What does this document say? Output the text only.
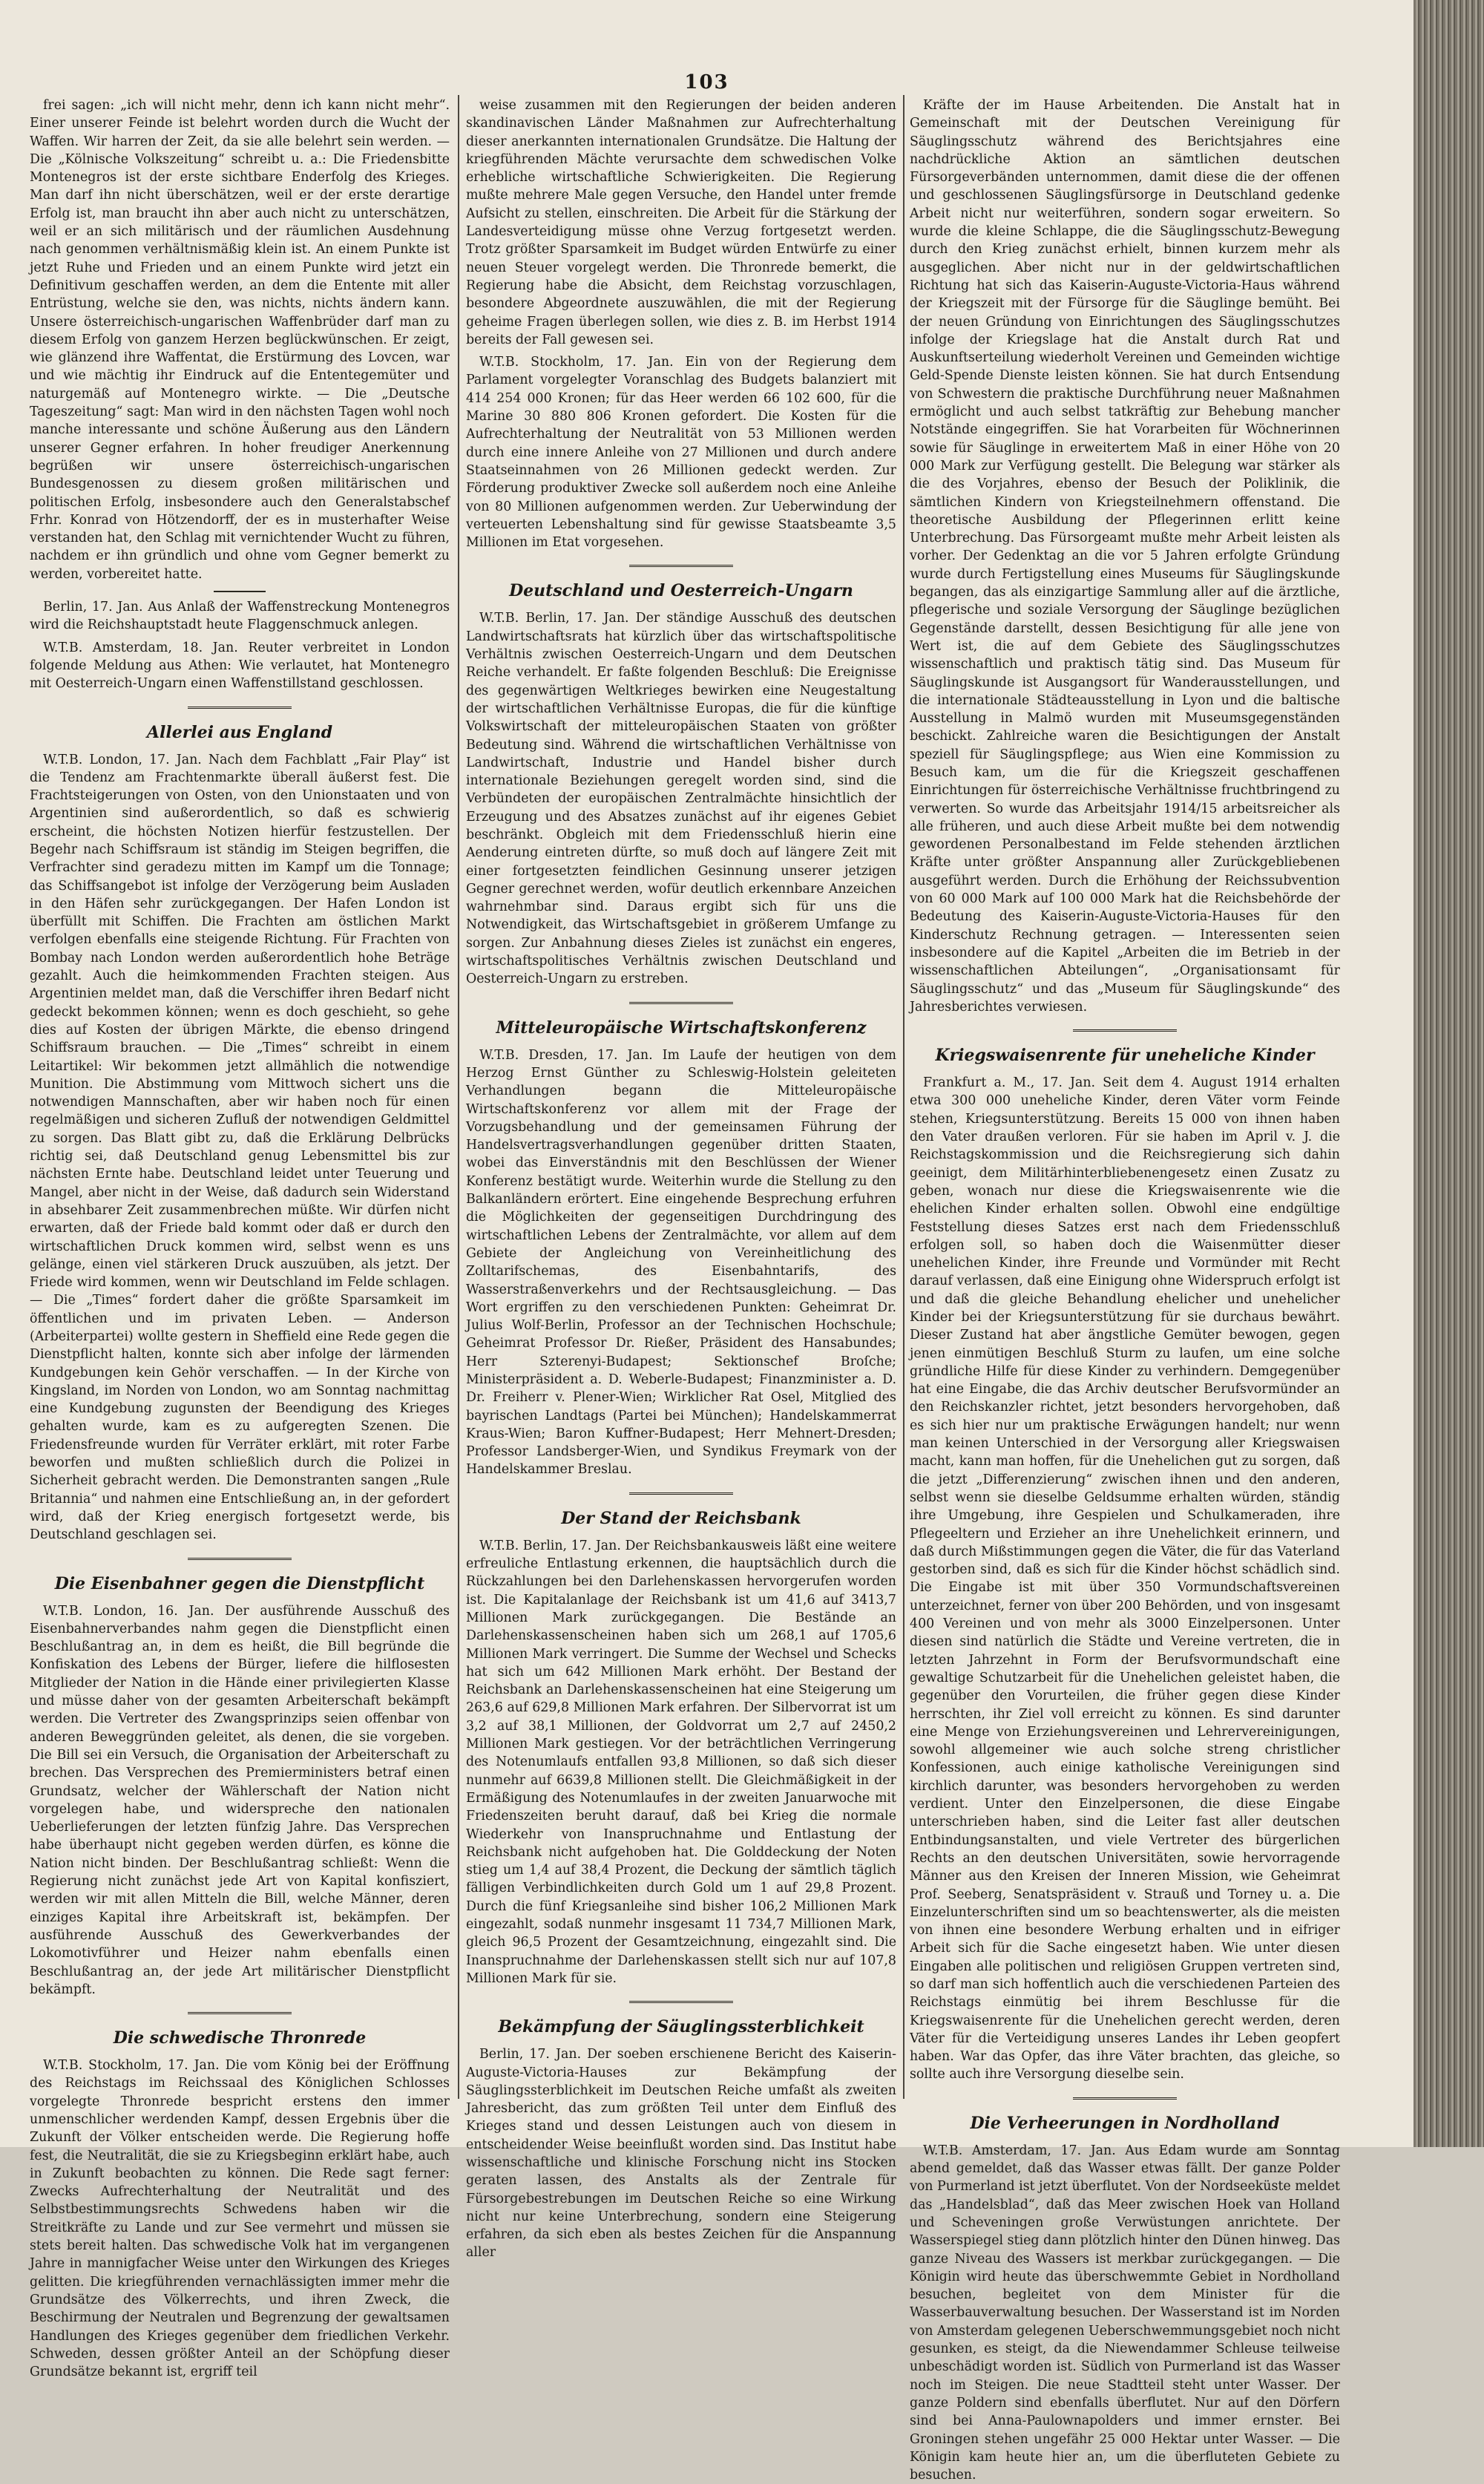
103

frei sagen: „ich will nicht mehr, denn ich kann nicht mehr“. Einer unserer Feinde ist belehrt worden durch die Wucht der Waffen. Wir harren der Zeit, da sie alle belehrt sein werden. — Die „Kölnische Volkszeitung“ schreibt u. a.: Die Friedensbitte Montenegros ist der erste sichtbare Enderfolg des Krieges. Man darf ihn nicht überschätzen, weil er der erste derartige Erfolg ist, man braucht ihn aber auch nicht zu unterschätzen, weil er an sich militärisch und der räumlichen Ausdehnung nach genommen verhältnismäßig klein ist. An einem Punkte ist jetzt Ruhe und Frieden und an einem Punkte wird jetzt ein Definitivum geschaffen werden, an dem die Entente mit aller Entrüstung, welche sie den, was nichts, nichts ändern kann. Unsere österreichisch-ungarischen Waffenbrüder darf man zu diesem Erfolg von ganzem Herzen beglückwünschen. Er zeigt, wie glänzend ihre Waffentat, die Erstürmung des Lovcen, war und wie mächtig ihr Eindruck auf die Ententegemüter und naturgemäß auf Montenegro wirkte. — Die „Deutsche Tageszeitung“ sagt: Man wird in den nächsten Tagen wohl noch manche interessante und schöne Äußerung aus den Ländern unserer Gegner erfahren. In hoher freudiger Anerkennung begrüßen wir unsere österreichisch-ungarischen Bundesgenossen zu diesem großen militärischen und politischen Erfolg, insbesondere auch den Generalstabschef Frhr. Konrad von Hötzendorff, der es in musterhafter Weise verstanden hat, den Schlag mit vernichtender Wucht zu führen, nachdem er ihn gründlich und ohne vom Gegner bemerkt zu werden, vorbereitet hatte.

Berlin, 17. Jan. Aus Anlaß der Waffenstreckung Montenegros wird die Reichshauptstadt heute Flaggenschmuck anlegen.

W.T.B. Amsterdam, 18. Jan. Reuter verbreitet in London folgende Meldung aus Athen: Wie verlautet, hat Montenegro mit Oesterreich-Ungarn einen Waffenstillstand geschlossen.

Allerlei aus England

W.T.B. London, 17. Jan. Nach dem Fachblatt „Fair Play“ ist die Tendenz am Frachtenmarkte überall äußerst fest. Die Frachtsteigerungen von Osten, von den Unionstaaten und von Argentinien sind außerordentlich, so daß es schwierig erscheint, die höchsten Notizen hierfür festzustellen. Der Begehr nach Schiffsraum ist ständig im Steigen begriffen, die Verfrachter sind geradezu mitten im Kampf um die Tonnage; das Schiffsangebot ist infolge der Verzögerung beim Ausladen in den Häfen sehr zurückgegangen. Der Hafen London ist überfüllt mit Schiffen. Die Frachten am östlichen Markt verfolgen ebenfalls eine steigende Richtung. Für Frachten von Bombay nach London werden außerordentlich hohe Beträge gezahlt. Auch die heimkommenden Frachten steigen. Aus Argentinien meldet man, daß die Verschiffer ihren Bedarf nicht gedeckt bekommen können; wenn es doch geschieht, so gehe dies auf Kosten der übrigen Märkte, die ebenso dringend Schiffsraum brauchen. — Die „Times“ schreibt in einem Leitartikel: Wir bekommen jetzt allmählich die notwendige Munition. Die Abstimmung vom Mittwoch sichert uns die notwendigen Mannschaften, aber wir haben noch für einen regelmäßigen und sicheren Zufluß der notwendigen Geldmittel zu sorgen. Das Blatt gibt zu, daß die Erklärung Delbrücks richtig sei, daß Deutschland genug Lebensmittel bis zur nächsten Ernte habe. Deutschland leidet unter Teuerung und Mangel, aber nicht in der Weise, daß dadurch sein Widerstand in absehbarer Zeit zusammenbrechen müßte. Wir dürfen nicht erwarten, daß der Friede bald kommt oder daß er durch den wirtschaftlichen Druck kommen wird, selbst wenn es uns gelänge, einen viel stärkeren Druck auszuüben, als jetzt. Der Friede wird kommen, wenn wir Deutschland im Felde schlagen. — Die „Times“ fordert daher die größte Sparsamkeit im öffentlichen und im privaten Leben. — Anderson (Arbeiterpartei) wollte gestern in Sheffield eine Rede gegen die Dienstpflicht halten, konnte sich aber infolge der lärmenden Kundgebungen kein Gehör verschaffen. — In der Kirche von Kingsland, im Norden von London, wo am Sonntag nachmittag eine Kundgebung zugunsten der Beendigung des Krieges gehalten wurde, kam es zu aufgeregten Szenen. Die Friedensfreunde wurden für Verräter erklärt, mit roter Farbe beworfen und mußten schließlich durch die Polizei in Sicherheit gebracht werden. Die Demonstranten sangen „Rule Britannia“ und nahmen eine Entschließung an, in der gefordert wird, daß der Krieg energisch fortgesetzt werde, bis Deutschland geschlagen sei.

Die Eisenbahner gegen die Dienstpflicht

W.T.B. London, 16. Jan. Der ausführende Ausschuß des Eisenbahnerverbandes nahm gegen die Dienstpflicht einen Beschlußantrag an, in dem es heißt, die Bill begründe die Konfiskation des Lebens der Bürger, liefere die hilflosesten Mitglieder der Nation in die Hände einer privilegierten Klasse und müsse daher von der gesamten Arbeiterschaft bekämpft werden. Die Vertreter des Zwangsprinzips seien offenbar von anderen Beweggründen geleitet, als denen, die sie vorgeben. Die Bill sei ein Versuch, die Organisation der Arbeiterschaft zu brechen. Das Versprechen des Premierministers betraf einen Grundsatz, welcher der Wählerschaft der Nation nicht vorgelegen habe, und widerspreche den nationalen Ueberlieferungen der letzten fünfzig Jahre. Das Versprechen habe überhaupt nicht gegeben werden dürfen, es könne die Nation nicht binden. Der Beschlußantrag schließt: Wenn die Regierung nicht zunächst jede Art von Kapital konfisziert, werden wir mit allen Mitteln die Bill, welche Männer, deren einziges Kapital ihre Arbeitskraft ist, bekämpfen. Der ausführende Ausschuß des Gewerkverbandes der Lokomotivführer und Heizer nahm ebenfalls einen Beschlußantrag an, der jede Art militärischer Dienstpflicht bekämpft.

Die schwedische Thronrede

W.T.B. Stockholm, 17. Jan. Die vom König bei der Eröffnung des Reichstags im Reichssaal des Königlichen Schlosses vorgelegte Thronrede bespricht erstens den immer unmenschlicher werdenden Kampf, dessen Ergebnis über die Zukunft der Völker entscheiden werde. Die Regierung hoffe fest, die Neutralität, die sie zu Kriegsbeginn erklärt habe, auch in Zukunft beobachten zu können. Die Rede sagt ferner: Zwecks Aufrechterhaltung der Neutralität und des Selbstbestimmungsrechts Schwedens haben wir die Streitkräfte zu Lande und zur See vermehrt und müssen sie stets bereit halten. Das schwedische Volk hat im vergangenen Jahre in mannigfacher Weise unter den Wirkungen des Krieges gelitten. Die kriegführenden vernachlässigten immer mehr die Grundsätze des Völkerrechts, und ihren Zweck, die Beschirmung der Neutralen und Begrenzung der gewaltsamen Handlungen des Krieges gegenüber dem friedlichen Verkehr. Schweden, dessen größter Anteil an der Schöpfung dieser Grundsätze bekannt ist, ergriff teil

weise zusammen mit den Regierungen der beiden anderen skandinavischen Länder Maßnahmen zur Aufrechterhaltung dieser anerkannten internationalen Grundsätze. Die Haltung der kriegführenden Mächte verursachte dem schwedischen Volke erhebliche wirtschaftliche Schwierigkeiten. Die Regierung mußte mehrere Male gegen Versuche, den Handel unter fremde Aufsicht zu stellen, einschreiten. Die Arbeit für die Stärkung der Landesverteidigung müsse ohne Verzug fortgesetzt werden. Trotz größter Sparsamkeit im Budget würden Entwürfe zu einer neuen Steuer vorgelegt werden. Die Thronrede bemerkt, die Regierung habe die Absicht, dem Reichstag vorzuschlagen, besondere Abgeordnete auszuwählen, die mit der Regierung geheime Fragen überlegen sollen, wie dies z. B. im Herbst 1914 bereits der Fall gewesen sei.

W.T.B. Stockholm, 17. Jan. Ein von der Regierung dem Parlament vorgelegter Voranschlag des Budgets balanziert mit 414 254 000 Kronen; für das Heer werden 66 102 600, für die Marine 30 880 806 Kronen gefordert. Die Kosten für die Aufrechterhaltung der Neutralität von 53 Millionen werden durch eine innere Anleihe von 27 Millionen und durch andere Staatseinnahmen von 26 Millionen gedeckt werden. Zur Förderung produktiver Zwecke soll außerdem noch eine Anleihe von 80 Millionen aufgenommen werden. Zur Ueberwindung der verteuerten Lebenshaltung sind für gewisse Staatsbeamte 3,5 Millionen im Etat vorgesehen.

Deutschland und Oesterreich-Ungarn

W.T.B. Berlin, 17. Jan. Der ständige Ausschuß des deutschen Landwirtschaftsrats hat kürzlich über das wirtschaftspolitische Verhältnis zwischen Oesterreich-Ungarn und dem Deutschen Reiche verhandelt. Er faßte folgenden Beschluß: Die Ereignisse des gegenwärtigen Weltkrieges bewirken eine Neugestaltung der wirtschaftlichen Verhältnisse Europas, die für die künftige Volkswirtschaft der mitteleuropäischen Staaten von größter Bedeutung sind. Während die wirtschaftlichen Verhältnisse von Landwirtschaft, Industrie und Handel bisher durch internationale Beziehungen geregelt worden sind, sind die Verbündeten der europäischen Zentralmächte hinsichtlich der Erzeugung und des Absatzes zunächst auf ihr eigenes Gebiet beschränkt. Obgleich mit dem Friedensschluß hierin eine Aenderung eintreten dürfte, so muß doch auf längere Zeit mit einer fortgesetzten feindlichen Gesinnung unserer jetzigen Gegner gerechnet werden, wofür deutlich erkennbare Anzeichen wahrnehmbar sind. Daraus ergibt sich für uns die Notwendigkeit, das Wirtschaftsgebiet in größerem Umfange zu sorgen. Zur Anbahnung dieses Zieles ist zunächst ein engeres, wirtschaftspolitisches Verhältnis zwischen Deutschland und Oesterreich-Ungarn zu erstreben.

Mitteleuropäische Wirtschaftskonferenz

W.T.B. Dresden, 17. Jan. Im Laufe der heutigen von dem Herzog Ernst Günther zu Schleswig-Holstein geleiteten Verhandlungen begann die Mitteleuropäische Wirtschaftskonferenz vor allem mit der Frage der Vorzugsbehandlung und der gemeinsamen Führung der Handelsvertragsverhandlungen gegenüber dritten Staaten, wobei das Einverständnis mit den Beschlüssen der Wiener Konferenz bestätigt wurde. Weiterhin wurde die Stellung zu den Balkanländern erörtert. Eine eingehende Besprechung erfuhren die Möglichkeiten der gegenseitigen Durchdringung des wirtschaftlichen Lebens der Zentralmächte, vor allem auf dem Gebiete der Angleichung von Vereinheitlichung des Zolltarifschemas, des Eisenbahntarifs, des Wasserstraßenverkehrs und der Rechtsausgleichung. — Das Wort ergriffen zu den verschiedenen Punkten: Geheimrat Dr. Julius Wolf-Berlin, Professor an der Technischen Hochschule; Geheimrat Professor Dr. Rießer, Präsident des Hansabundes; Herr Szterenyi-Budapest; Sektionschef Broſche; Ministerpräsident a. D. Weberle-Budapest; Finanzminister a. D. Dr. Freiherr v. Plener-Wien; Wirklicher Rat Osel, Mitglied des bayrischen Landtags (Partei bei München); Handelskammerrat Kraus-Wien; Baron Kuffner-Budapest; Herr Mehnert-Dresden; Professor Landsberger-Wien, und Syndikus Freymark von der Handelskammer Breslau.

Der Stand der Reichsbank

W.T.B. Berlin, 17. Jan. Der Reichsbankausweis läßt eine weitere erfreuliche Entlastung erkennen, die hauptsächlich durch die Rückzahlungen bei den Darlehenskassen hervorgerufen worden ist. Die Kapitalanlage der Reichsbank ist um 41,6 auf 3413,7 Millionen Mark zurückgegangen. Die Bestände an Darlehenskassenscheinen haben sich um 268,1 auf 1705,6 Millionen Mark verringert. Die Summe der Wechsel und Schecks hat sich um 642 Millionen Mark erhöht. Der Bestand der Reichsbank an Darlehenskassenscheinen hat eine Steigerung um 263,6 auf 629,8 Millionen Mark erfahren. Der Silbervorrat ist um 3,2 auf 38,1 Millionen, der Goldvorrat um 2,7 auf 2450,2 Millionen Mark gestiegen. Vor der beträchtlichen Verringerung des Notenumlaufs entfallen 93,8 Millionen, so daß sich dieser nunmehr auf 6639,8 Millionen stellt. Die Gleichmäßigkeit in der Ermäßigung des Notenumlaufes in der zweiten Januarwoche mit Friedenszeiten beruht darauf, daß bei Krieg die normale Wiederkehr von Inanspruchnahme und Entlastung der Reichsbank nicht aufgehoben hat. Die Golddeckung der Noten stieg um 1,4 auf 38,4 Prozent, die Deckung der sämtlich täglich fälligen Verbindlichkeiten durch Gold um 1 auf 29,8 Prozent. Durch die fünf Kriegsanleihe sind bisher 106,2 Millionen Mark eingezahlt, sodaß nunmehr insgesamt 11 734,7 Millionen Mark, gleich 96,5 Prozent der Gesamtzeichnung, eingezahlt sind. Die Inanspruchnahme der Darlehenskassen stellt sich nur auf 107,8 Millionen Mark für sie.

Bekämpfung der Säuglingssterblichkeit

Berlin, 17. Jan. Der soeben erschienene Bericht des Kaiserin-Auguste-Victoria-Hauses zur Bekämpfung der Säuglingssterblichkeit im Deutschen Reiche umfaßt als zweiten Jahresbericht, das zum größten Teil unter dem Einfluß des Krieges stand und dessen Leistungen auch von diesem in entscheidender Weise beeinflußt worden sind. Das Institut habe wissenschaftliche und klinische Forschung nicht ins Stocken geraten lassen, des Anstalts als der Zentrale für Fürsorgebestrebungen im Deutschen Reiche so eine Wirkung nicht nur keine Unterbrechung, sondern eine Steigerung erfahren, da sich eben als bestes Zeichen für die Anspannung aller

Kräfte der im Hause Arbeitenden. Die Anstalt hat in Gemeinschaft mit der Deutschen Vereinigung für Säuglingsschutz während des Berichtsjahres eine nachdrückliche Aktion an sämtlichen deutschen Fürsorgeverbänden unternommen, damit diese die der offenen und geschlossenen Säuglingsfürsorge in Deutschland gedenke Arbeit nicht nur weiterführen, sondern sogar erweitern. So wurde die kleine Schlappe, die die Säuglingsschutz-Bewegung durch den Krieg zunächst erhielt, binnen kurzem mehr als ausgeglichen. Aber nicht nur in der geldwirtschaftlichen Richtung hat sich das Kaiserin-Auguste-Victoria-Haus während der Kriegszeit mit der Fürsorge für die Säuglinge bemüht. Bei der neuen Gründung von Einrichtungen des Säuglingsschutzes infolge der Kriegslage hat die Anstalt durch Rat und Auskunftserteilung wiederholt Vereinen und Gemeinden wichtige Geld-Spende Dienste leisten können. Sie hat durch Entsendung von Schwestern die praktische Durchführung neuer Maßnahmen ermöglicht und auch selbst tatkräftig zur Behebung mancher Notstände eingegriffen. Sie hat Vorarbeiten für Wöchnerinnen sowie für Säuglinge in erweitertem Maß in einer Höhe von 20 000 Mark zur Verfügung gestellt. Die Belegung war stärker als die des Vorjahres, ebenso der Besuch der Poliklinik, die sämtlichen Kindern von Kriegsteilnehmern offenstand. Die theoretische Ausbildung der Pflegerinnen erlitt keine Unterbrechung. Das Fürsorgeamt mußte mehr Arbeit leisten als vorher. Der Gedenktag an die vor 5 Jahren erfolgte Gründung wurde durch Fertigstellung eines Museums für Säuglingskunde begangen, das als einzigartige Sammlung aller auf die ärztliche, pflegerische und soziale Versorgung der Säuglinge bezüglichen Gegenstände darstellt, dessen Besichtigung für alle jene von Wert ist, die auf dem Gebiete des Säuglingsschutzes wissenschaftlich und praktisch tätig sind. Das Museum für Säuglingskunde ist Ausgangsort für Wanderausstellungen, und die internationale Städteausstellung in Lyon und die baltische Ausstellung in Malmö wurden mit Museumsgegenständen beschickt. Zahlreiche waren die Besichtigungen der Anstalt speziell für Säuglingspflege; aus Wien eine Kommission zu Besuch kam, um die für die Kriegszeit geschaffenen Einrichtungen für österreichische Verhältnisse fruchtbringend zu verwerten. So wurde das Arbeitsjahr 1914/15 arbeitsreicher als alle früheren, und auch diese Arbeit mußte bei dem notwendig gewordenen Personalbestand im Felde stehenden ärztlichen Kräfte unter größter Anspannung aller Zurückgebliebenen ausgeführt werden. Durch die Erhöhung der Reichssubvention von 60 000 Mark auf 100 000 Mark hat die Reichsbehörde der Bedeutung des Kaiserin-Auguste-Victoria-Hauses für den Kinderschutz Rechnung getragen. — Interessenten seien insbesondere auf die Kapitel „Arbeiten die im Betrieb in der wissenschaftlichen Abteilungen“, „Organisationsamt für Säuglingsschutz“ und das „Museum für Säuglingskunde“ des Jahresberichtes verwiesen.

Kriegswaisenrente für uneheliche Kinder

Frankfurt a. M., 17. Jan. Seit dem 4. August 1914 erhalten etwa 300 000 uneheliche Kinder, deren Väter vorm Feinde stehen, Kriegsunterstützung. Bereits 15 000 von ihnen haben den Vater draußen verloren. Für sie haben im April v. J. die Reichstagskommission und die Reichsregierung sich dahin geeinigt, dem Militärhinterbliebenengesetz einen Zusatz zu geben, wonach nur diese die Kriegswaisenrente wie die ehelichen Kinder erhalten sollen. Obwohl eine endgültige Feststellung dieses Satzes erst nach dem Friedensschluß erfolgen soll, so haben doch die Waisenmütter dieser unehelichen Kinder, ihre Freunde und Vormünder mit Recht darauf verlassen, daß eine Einigung ohne Widerspruch erfolgt ist und daß die gleiche Behandlung ehelicher und unehelicher Kinder bei der Kriegsunterstützung für sie durchaus bewährt. Dieser Zustand hat aber ängstliche Gemüter bewogen, gegen jenen einmütigen Beschluß Sturm zu laufen, um eine solche gründliche Hilfe für diese Kinder zu verhindern. Demgegenüber hat eine Eingabe, die das Archiv deutscher Berufsvormünder an den Reichskanzler richtet, jetzt besonders hervorgehoben, daß es sich hier nur um praktische Erwägungen handelt; nur wenn man keinen Unterschied in der Versorgung aller Kriegswaisen macht, kann man hoffen, für die Unehelichen gut zu sorgen, daß die jetzt „Differenzierung“ zwischen ihnen und den anderen, selbst wenn sie dieselbe Geldsumme erhalten würden, ständig ihre Umgebung, ihre Gespielen und Schulkameraden, ihre Pflegeeltern und Erzieher an ihre Unehelichkeit erinnern, und daß durch Mißstimmungen gegen die Väter, die für das Vaterland gestorben sind, daß es sich für die Kinder höchst schädlich sind. Die Eingabe ist mit über 350 Vormundschaftsvereinen unterzeichnet, ferner von über 200 Behörden, und von insgesamt 400 Vereinen und von mehr als 3000 Einzelpersonen. Unter diesen sind natürlich die Städte und Vereine vertreten, die in letzten Jahrzehnt in Form der Berufsvormundschaft eine gewaltige Schutzarbeit für die Unehelichen geleistet haben, die gegenüber den Vorurteilen, die früher gegen diese Kinder herrschten, ihr Ziel voll erreicht zu können. Es sind darunter eine Menge von Erziehungsvereinen und Lehrervereinigungen, sowohl allgemeiner wie auch solche streng christlicher Konfessionen, auch einige katholische Vereinigungen sind kirchlich darunter, was besonders hervorgehoben zu werden verdient. Unter den Einzelpersonen, die diese Eingabe unterschrieben haben, sind die Leiter fast aller deutschen Entbindungsanstalten, und viele Vertreter des bürgerlichen Rechts an den deutschen Universitäten, sowie hervorragende Männer aus den Kreisen der Inneren Mission, wie Geheimrat Prof. Seeberg, Senatspräsident v. Strauß und Torney u. a. Die Einzelunterschriften sind um so beachtenswerter, als die meisten von ihnen eine besondere Werbung erhalten und in eifriger Arbeit sich für die Sache eingesetzt haben. Wie unter diesen Eingaben alle politischen und religiösen Gruppen vertreten sind, so darf man sich hoffentlich auch die verschiedenen Parteien des Reichstags einmütig bei ihrem Beschlusse für die Kriegswaisenrente für die Unehelichen gerecht werden, deren Väter für die Verteidigung unseres Landes ihr Leben geopfert haben. War das Opfer, das ihre Väter brachten, das gleiche, so sollte auch ihre Versorgung dieselbe sein.

Die Verheerungen in Nordholland

W.T.B. Amsterdam, 17. Jan. Aus Edam wurde am Sonntag abend gemeldet, daß das Wasser etwas fällt. Der ganze Polder von Purmerland ist jetzt überflutet. Von der Nordseeküste meldet das „Handelsblad“, daß das Meer zwischen Hoek van Holland und Scheveningen große Verwüstungen anrichtete. Der Wasserspiegel stieg dann plötzlich hinter den Dünen hinweg. Das ganze Niveau des Wassers ist merkbar zurückgegangen. — Die Königin wird heute das überschwemmte Gebiet in Nordholland besuchen, begleitet von dem Minister für die Wasserbauverwaltung besuchen. Der Wasserstand ist im Norden von Amsterdam gelegenen Ueberschwemmungsgebiet noch nicht gesunken, es steigt, da die Niewendammer Schleuse teilweise unbeschädigt worden ist. Südlich von Purmerland ist das Wasser noch im Steigen. Die neue Stadtteil steht unter Wasser. Der ganze Poldern sind ebenfalls überflutet. Nur auf den Dörfern sind bei Anna-Paulownapolders und immer ernster. Bei Groningen stehen ungefähr 25 000 Hektar unter Wasser. — Die Königin kam heute hier an, um die überfluteten Gebiete zu besuchen.
